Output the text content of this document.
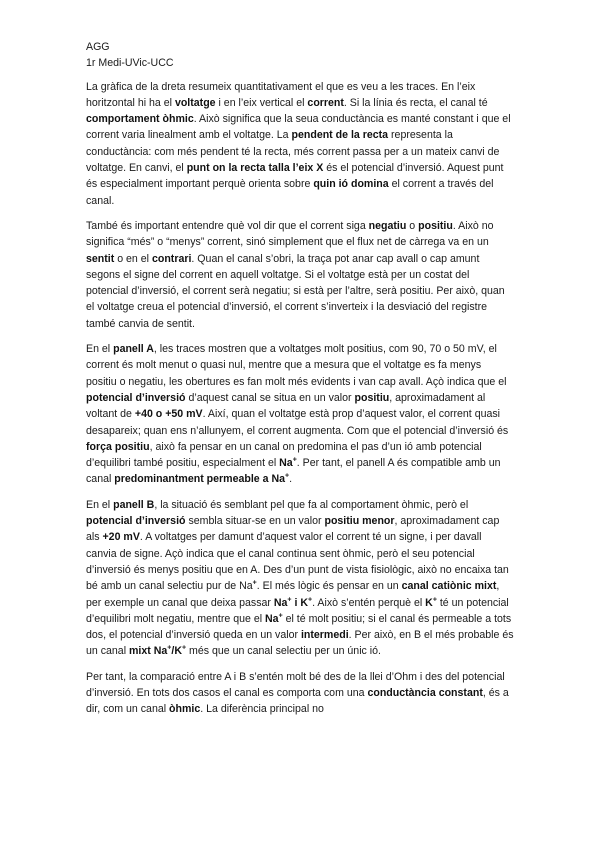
AGG
1r Medi-UVic-UCC

La gràfica de la dreta resumeix quantitativament el que es veu a les traces. En l’eix horitzontal hi ha el voltatge i en l’eix vertical el corrent. Si la línia és recta, el canal té comportament òhmic. Això significa que la seua conductància es manté constant i que el corrent varia linealment amb el voltatge. La pendent de la recta representa la conductància: com més pendent té la recta, més corrent passa per a un mateix canvi de voltatge. En canvi, el punt on la recta talla l’eix X és el potencial d’inversió. Aquest punt és especialment important perquè orienta sobre quin ió domina el corrent a través del canal.

També és important entendre què vol dir que el corrent siga negatiu o positiu. Això no significa “més” o “menys” corrent, sinó simplement que el flux net de càrrega va en un sentit o en el contrari. Quan el canal s’obri, la traça pot anar cap avall o cap amunt segons el signe del corrent en aquell voltatge. Si el voltatge està per un costat del potencial d’inversió, el corrent serà negatiu; si està per l’altre, serà positiu. Per això, quan el voltatge creua el potencial d’inversió, el corrent s’inverteix i la desviació del registre també canvia de sentit.

En el panell A, les traces mostren que a voltatges molt positius, com 90, 70 o 50 mV, el corrent és molt menut o quasi nul, mentre que a mesura que el voltatge es fa menys positiu o negatiu, les obertures es fan molt més evidents i van cap avall. Açò indica que el potencial d’inversió d’aquest canal se situa en un valor positiu, aproximadament al voltant de +40 o +50 mV. Així, quan el voltatge està prop d’aquest valor, el corrent quasi desapareix; quan ens n’allunyem, el corrent augmenta. Com que el potencial d’inversió és força positiu, això fa pensar en un canal on predomina el pas d’un ió amb potencial d’equilibri també positiu, especialment el Na+. Per tant, el panell A és compatible amb un canal predominantment permeable a Na+.

En el panell B, la situació és semblant pel que fa al comportament òhmic, però el potencial d’inversió sembla situar-se en un valor positiu menor, aproximadament cap als +20 mV. A voltatges per damunt d’aquest valor el corrent té un signe, i per davall canvia de signe. Açò indica que el canal continua sent òhmic, però el seu potencial d’inversió és menys positiu que en A. Des d’un punt de vista fisiològic, això no encaixa tan bé amb un canal selectiu pur de Na+. El més lògic és pensar en un canal catiònic mixt, per exemple un canal que deixa passar Na+ i K+. Això s’entén perquè el K+ té un potencial d’equilibri molt negatiu, mentre que el Na+ el té molt positiu; si el canal és permeable a tots dos, el potencial d’inversió queda en un valor intermedi. Per això, en B el més probable és un canal mixt Na+/K+ més que un canal selectiu per un únic ió.

Per tant, la comparació entre A i B s’entén molt bé des de la llei d’Ohm i des del potencial d’inversió. En tots dos casos el canal es comporta com una conductància constant, és a dir, com un canal òhmic. La diferència principal no
